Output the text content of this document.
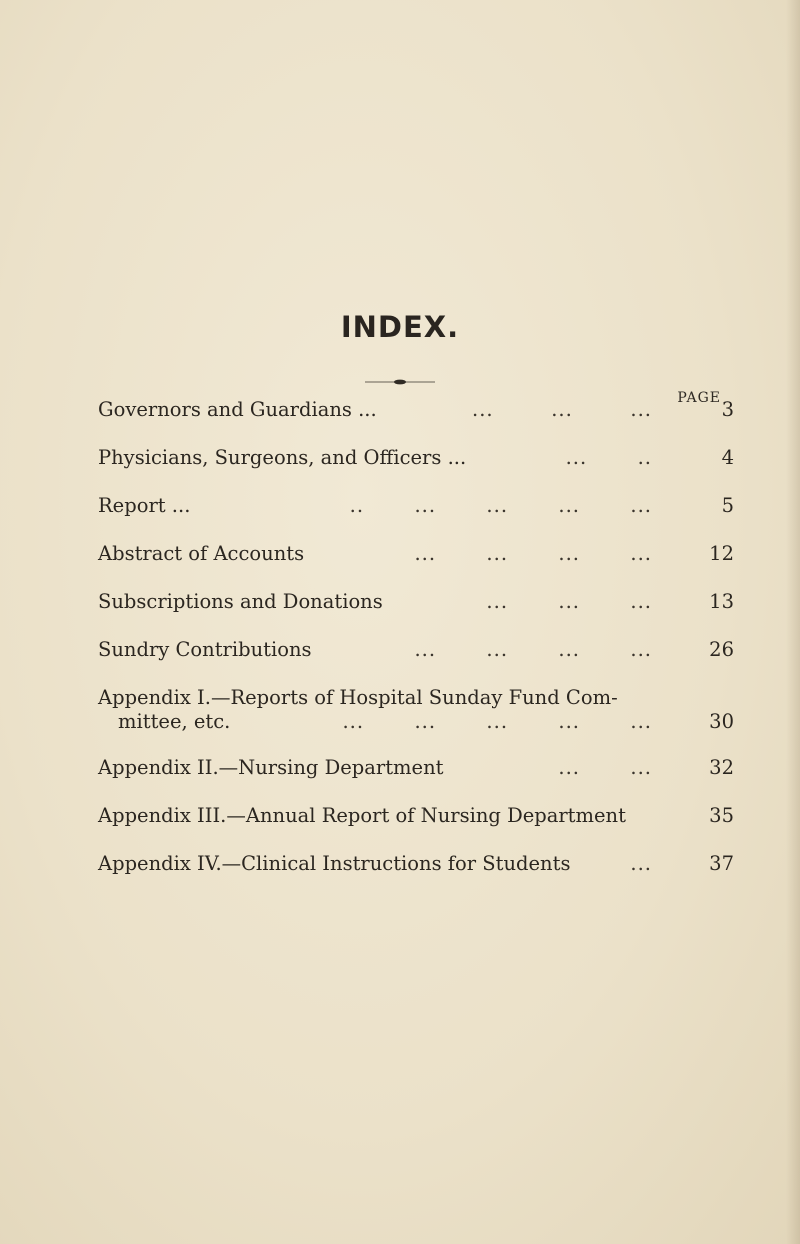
INDEX.
PAGE
Governors and Guardians ...	...        ...        ...	3
Physicians, Surgeons, and Officers ...	...       ..	4
Report ...	..       ...       ...       ...       ...	5
Abstract of Accounts	...       ...       ...       ...	12
Subscriptions and Donations	...       ...       ...	13
Sundry Contributions	...       ...       ...       ...	26
Appendix I.—Reports of Hospital Sunday Fund Com-
mittee, etc.	...       ...       ...       ...       ...	30
Appendix II.—Nursing Department	...       ...	32
Appendix III.—Annual Report of Nursing Department	35
Appendix IV.—Clinical Instructions for Students	...	37
